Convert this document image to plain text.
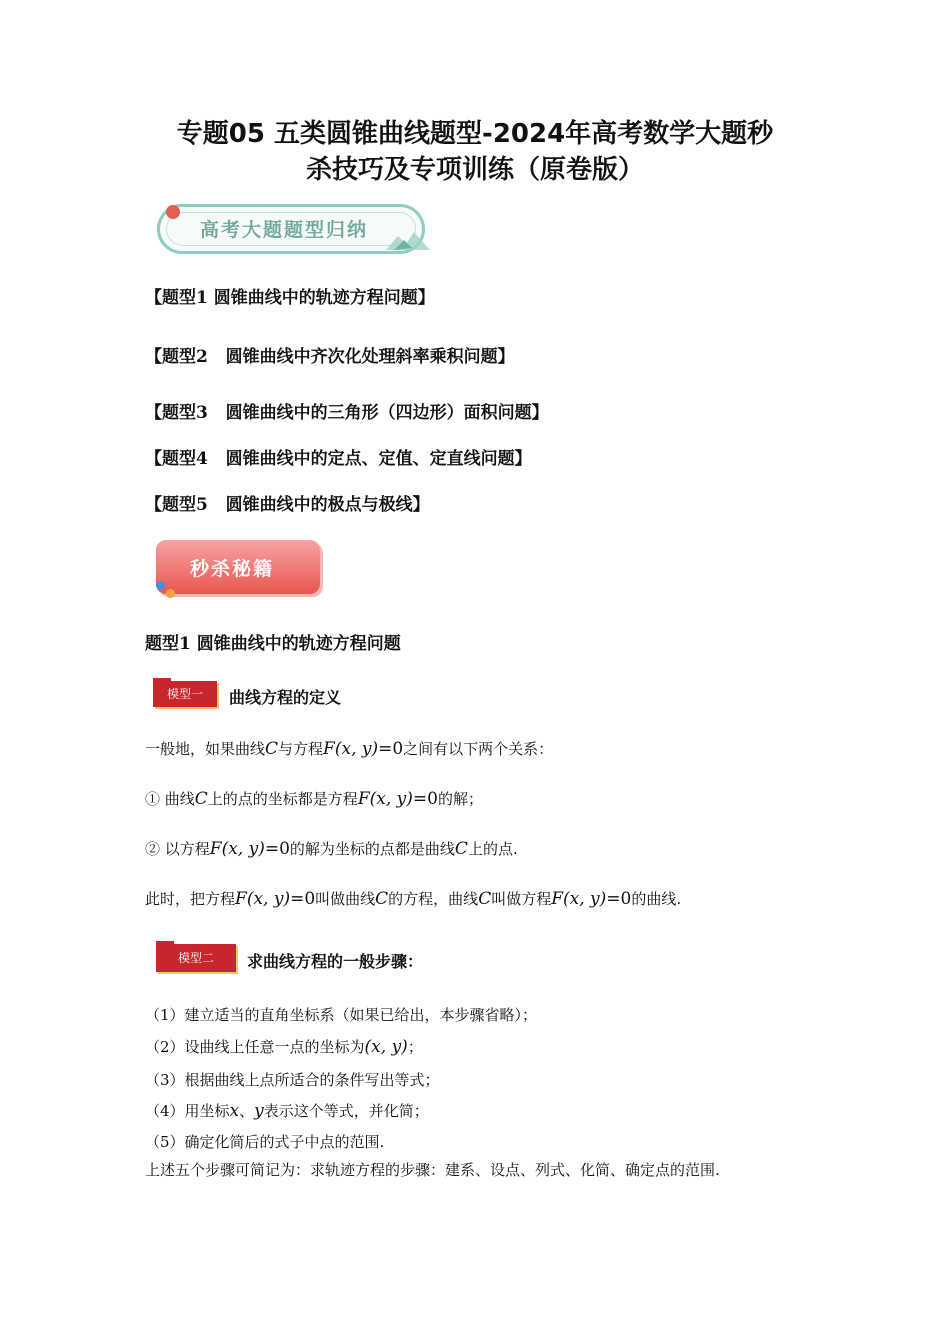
专题05 五类圆锥曲线题型-2024年高考数学大题秒
杀技巧及专项训练（原卷版）
高考大题题型归纳
【题型1 圆锥曲线中的轨迹方程问题】
【题型2   圆锥曲线中齐次化处理斜率乘积问题】
【题型3   圆锥曲线中的三角形（四边形）面积问题】
【题型4   圆锥曲线中的定点、定值、定直线问题】
【题型5   圆锥曲线中的极点与极线】
秒杀秘籍
题型1 圆锥曲线中的轨迹方程问题
模型一	曲线方程的定义
一般地，如果曲线C与方程F(x, y)=0之间有以下两个关系：
① 曲线C上的点的坐标都是方程F(x, y)=0的解；
② 以方程F(x, y)=0的解为坐标的点都是曲线C上的点.
此时，把方程F(x, y)=0叫做曲线C的方程，曲线C叫做方程F(x, y)=0的曲线.
模型二	求曲线方程的一般步骤：
（1）建立适当的直角坐标系（如果已给出，本步骤省略）；
（2）设曲线上任意一点的坐标为(x, y)；
（3）根据曲线上点所适合的条件写出等式；
（4）用坐标x、y表示这个等式，并化简；
（5）确定化简后的式子中点的范围.
上述五个步骤可简记为：求轨迹方程的步骤：建系、设点、列式、化简、确定点的范围.
